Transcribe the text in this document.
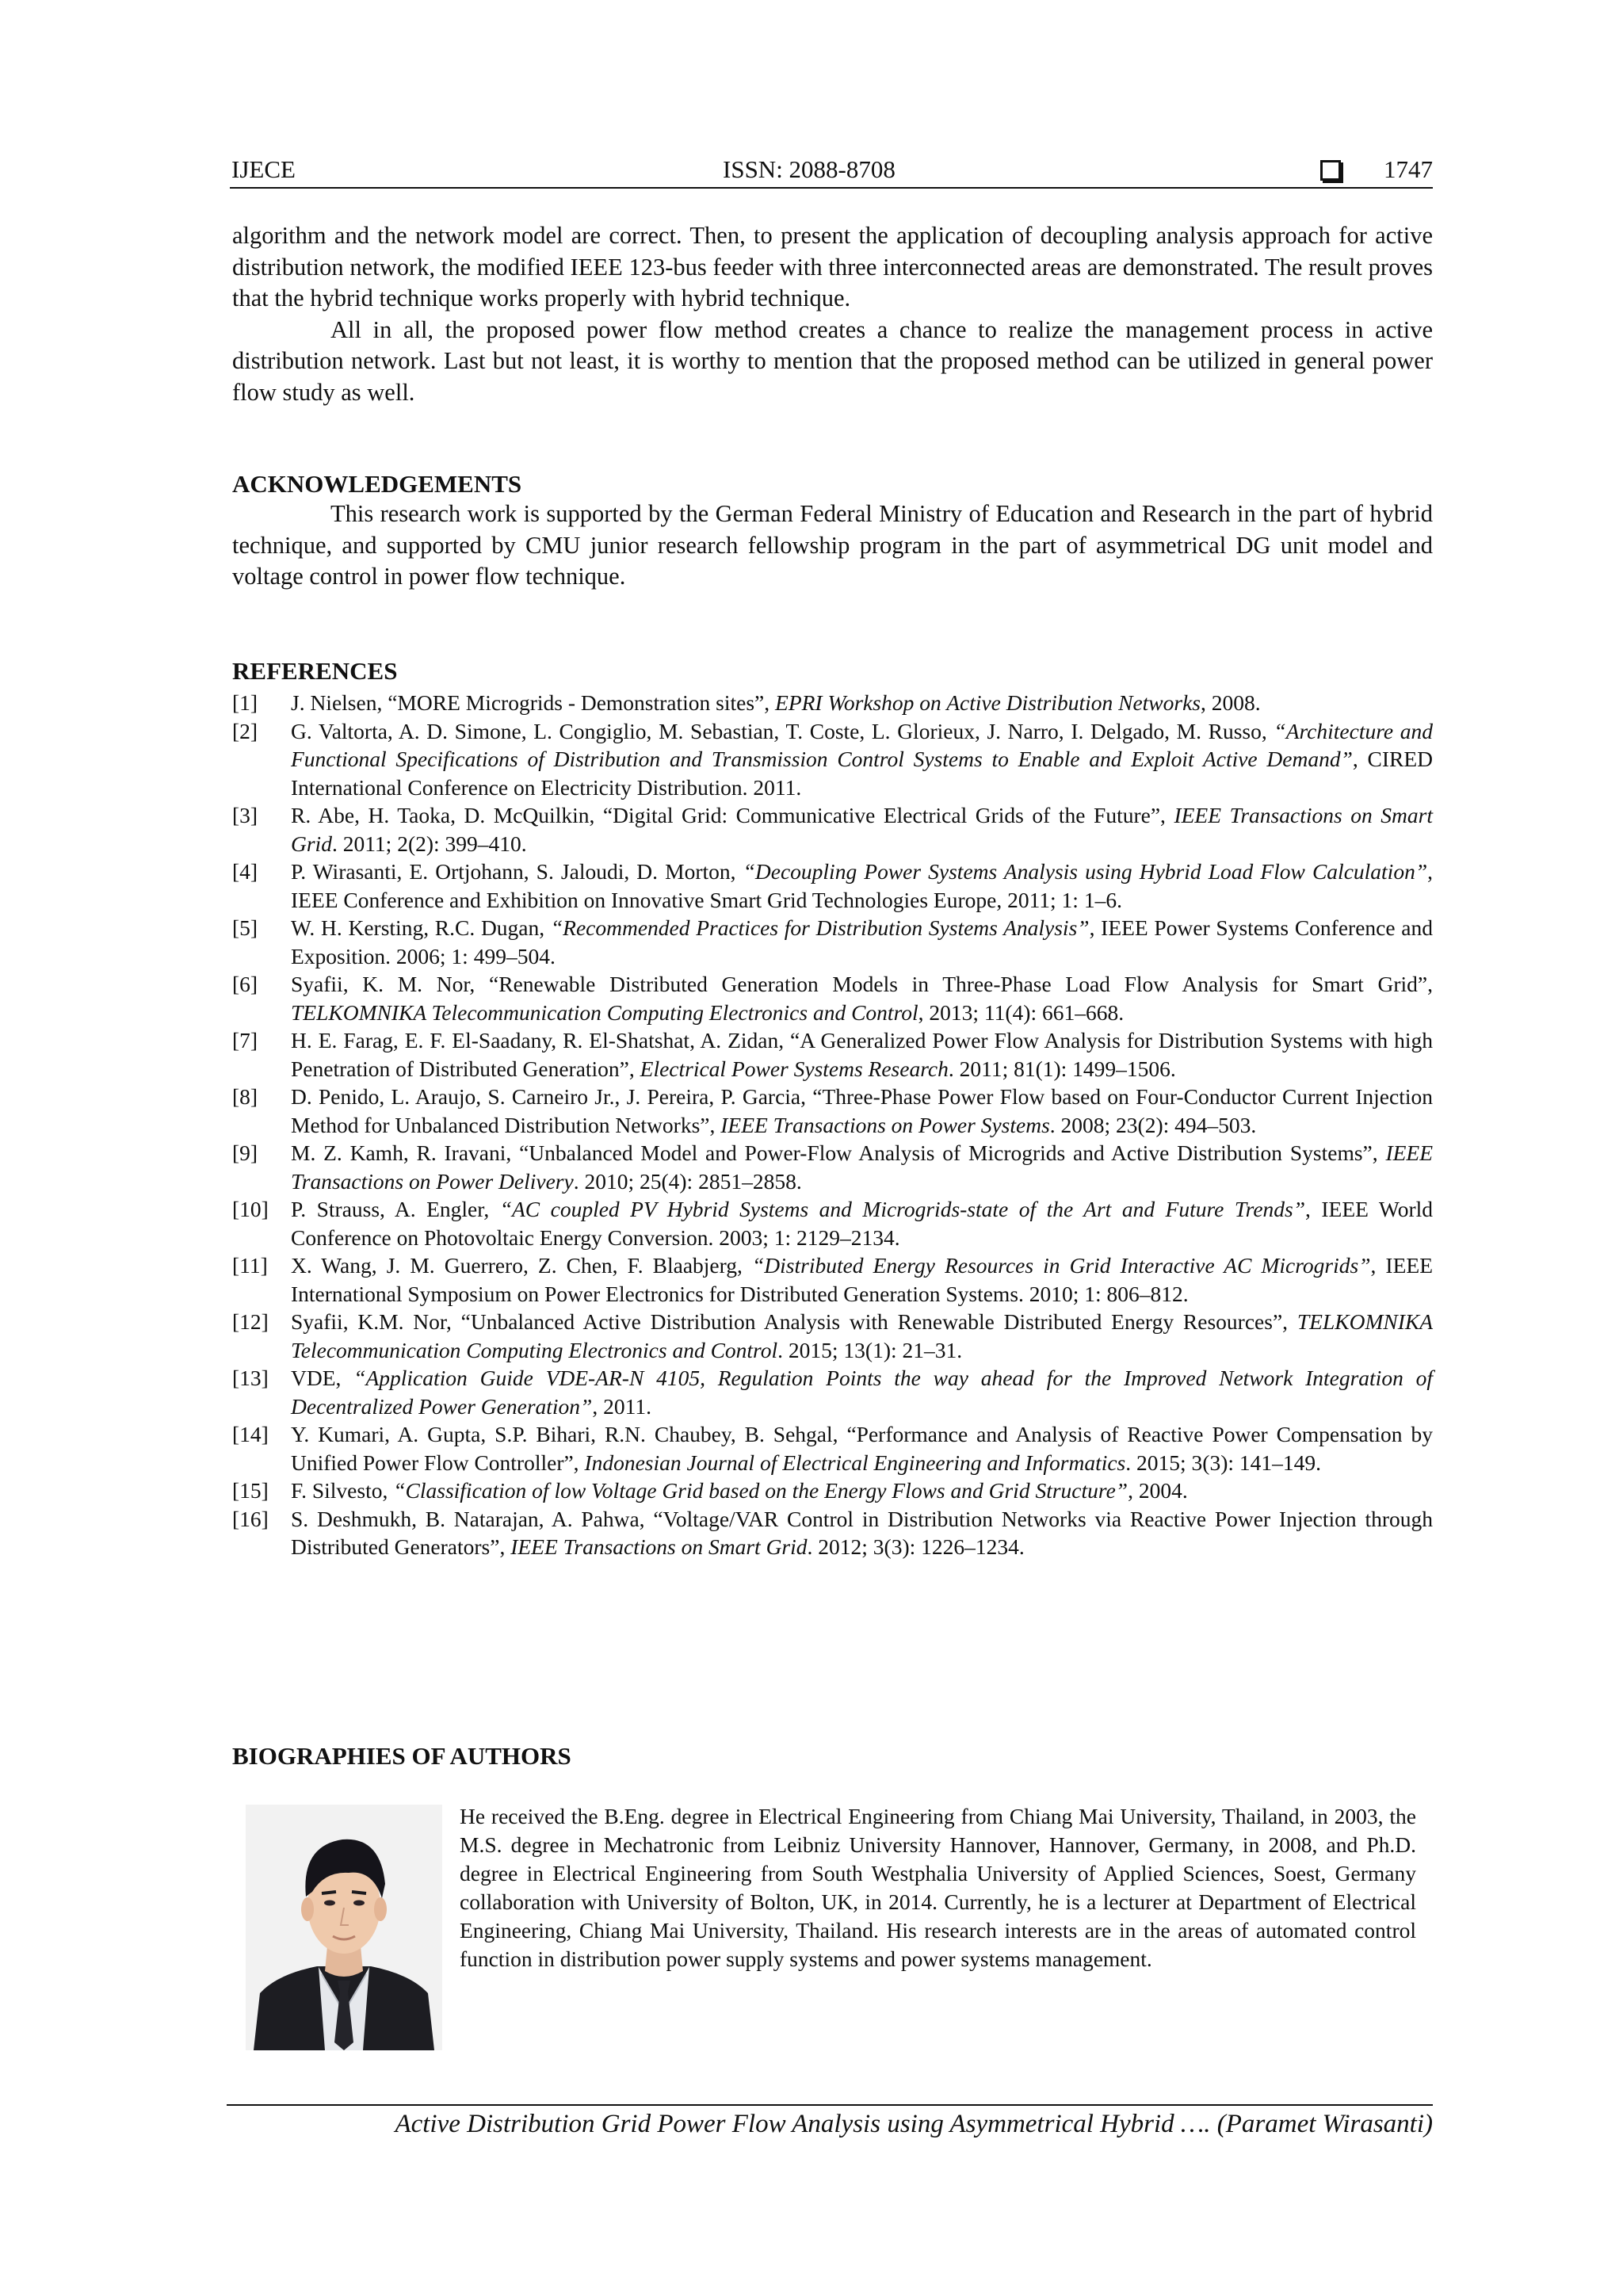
IJECE	ISSN: 2088-8708	1747

algorithm and the network model are correct. Then, to present the application of decoupling analysis approach for active distribution network, the modified IEEE 123-bus feeder with three interconnected areas are demonstrated. The result proves that the hybrid technique works properly with hybrid technique.

All in all, the proposed power flow method creates a chance to realize the management process in active distribution network. Last but not least, it is worthy to mention that the proposed method can be utilized in general power flow study as well.

ACKNOWLEDGEMENTS

This research work is supported by the German Federal Ministry of Education and Research in the part of hybrid technique, and supported by CMU junior research fellowship program in the part of asymmetrical DG unit model and voltage control in power flow technique.

REFERENCES
[1] J. Nielsen, “MORE Microgrids - Demonstration sites”, EPRI Workshop on Active Distribution Networks, 2008.
[2] G. Valtorta, A. D. Simone, L. Congiglio, M. Sebastian, T. Coste, L. Glorieux, J. Narro, I. Delgado, M. Russo, “Architecture and Functional Specifications of Distribution and Transmission Control Systems to Enable and Exploit Active Demand”, CIRED International Conference on Electricity Distribution. 2011.
[3] R. Abe, H. Taoka, D. McQuilkin, “Digital Grid: Communicative Electrical Grids of the Future”, IEEE Transactions on Smart Grid. 2011; 2(2): 399–410.
[4] P. Wirasanti, E. Ortjohann, S. Jaloudi, D. Morton, “Decoupling Power Systems Analysis using Hybrid Load Flow Calculation”, IEEE Conference and Exhibition on Innovative Smart Grid Technologies Europe, 2011; 1: 1–6.
[5] W. H. Kersting, R.C. Dugan, “Recommended Practices for Distribution Systems Analysis”, IEEE Power Systems Conference and Exposition. 2006; 1: 499–504.
[6] Syafii, K. M. Nor, “Renewable Distributed Generation Models in Three-Phase Load Flow Analysis for Smart Grid”, TELKOMNIKA Telecommunication Computing Electronics and Control, 2013; 11(4): 661–668.
[7] H. E. Farag, E. F. El-Saadany, R. El-Shatshat, A. Zidan, “A Generalized Power Flow Analysis for Distribution Systems with high Penetration of Distributed Generation”, Electrical Power Systems Research. 2011; 81(1): 1499–1506.
[8] D. Penido, L. Araujo, S. Carneiro Jr., J. Pereira, P. Garcia, “Three-Phase Power Flow based on Four-Conductor Current Injection Method for Unbalanced Distribution Networks”, IEEE Transactions on Power Systems. 2008; 23(2): 494–503.
[9] M. Z. Kamh, R. Iravani, “Unbalanced Model and Power-Flow Analysis of Microgrids and Active Distribution Systems”, IEEE Transactions on Power Delivery. 2010; 25(4): 2851–2858.
[10] P. Strauss, A. Engler, “AC coupled PV Hybrid Systems and Microgrids-state of the Art and Future Trends”, IEEE World Conference on Photovoltaic Energy Conversion. 2003; 1: 2129–2134.
[11] X. Wang, J. M. Guerrero, Z. Chen, F. Blaabjerg, “Distributed Energy Resources in Grid Interactive AC Microgrids”, IEEE International Symposium on Power Electronics for Distributed Generation Systems. 2010; 1: 806–812.
[12] Syafii, K.M. Nor, “Unbalanced Active Distribution Analysis with Renewable Distributed Energy Resources”, TELKOMNIKA Telecommunication Computing Electronics and Control. 2015; 13(1): 21–31.
[13] VDE, “Application Guide VDE-AR-N 4105, Regulation Points the way ahead for the Improved Network Integration of Decentralized Power Generation”, 2011.
[14] Y. Kumari, A. Gupta, S.P. Bihari, R.N. Chaubey, B. Sehgal, “Performance and Analysis of Reactive Power Compensation by Unified Power Flow Controller”, Indonesian Journal of Electrical Engineering and Informatics. 2015; 3(3): 141–149.
[15] F. Silvesto, “Classification of low Voltage Grid based on the Energy Flows and Grid Structure”, 2004.
[16] S. Deshmukh, B. Natarajan, A. Pahwa, “Voltage/VAR Control in Distribution Networks via Reactive Power Injection through Distributed Generators”, IEEE Transactions on Smart Grid. 2012; 3(3): 1226–1234.
BIOGRAPHIES OF AUTHORS
He received the B.Eng. degree in Electrical Engineering from Chiang Mai University, Thailand, in 2003, the M.S. degree in Mechatronic from Leibniz University Hannover, Hannover, Germany, in 2008, and Ph.D. degree in Electrical Engineering from South Westphalia University of Applied Sciences, Soest, Germany collaboration with University of Bolton, UK, in 2014. Currently, he is a lecturer at Department of Electrical Engineering, Chiang Mai University, Thailand. His research interests are in the areas of automated control function in distribution power supply systems and power systems management.
Active Distribution Grid Power Flow Analysis using Asymmetrical Hybrid …. (Paramet Wirasanti)
